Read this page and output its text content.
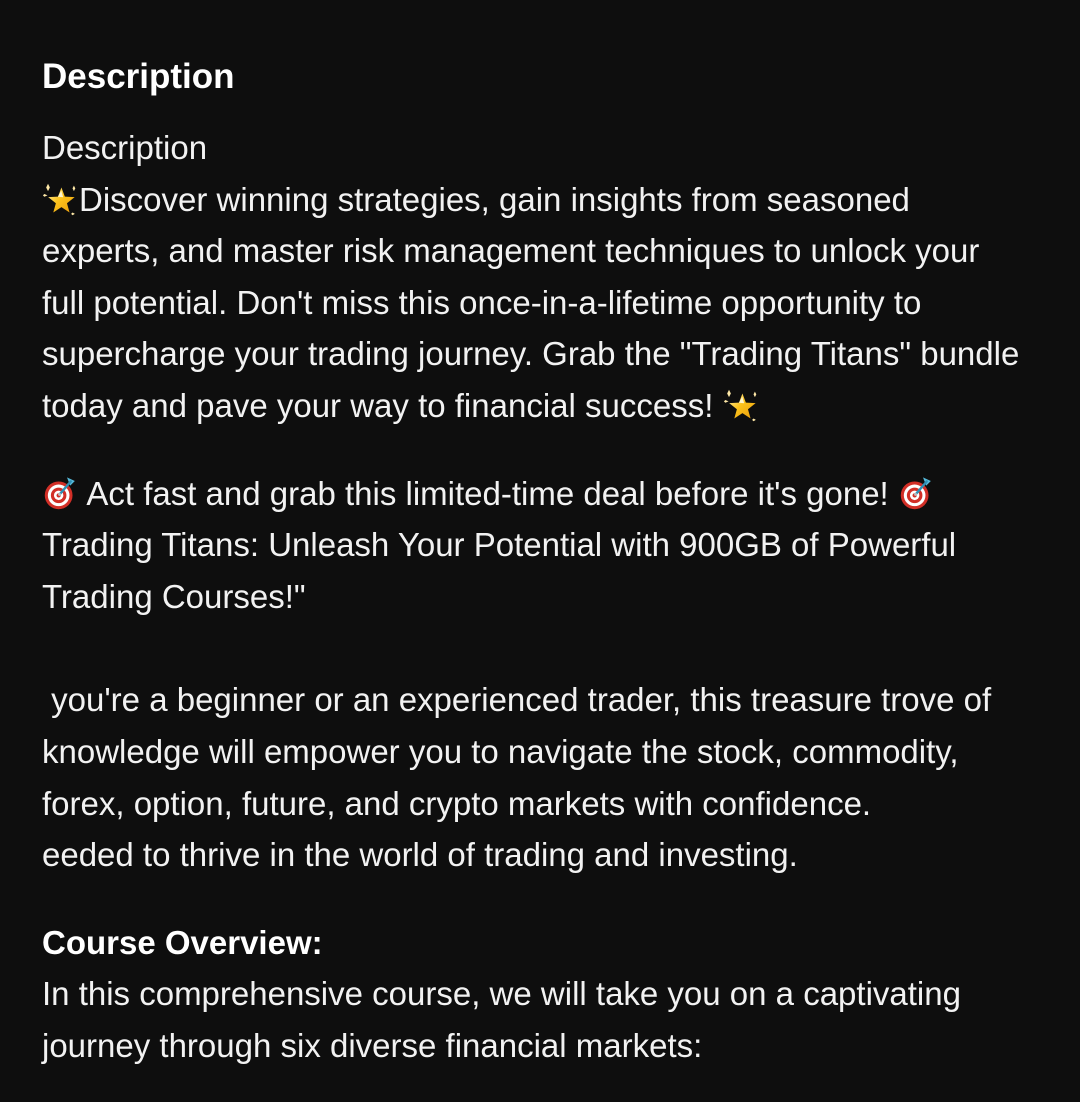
Description

Description
Discover winning strategies, gain insights from seasoned
experts, and master risk management techniques to unlock your
full potential. Don't miss this once-in-a-lifetime opportunity to
supercharge your trading journey. Grab the "Trading Titans" bundle
today and pave your way to financial success!

Act fast and grab this limited-time deal before it's gone!
Trading Titans: Unleash Your Potential with 900GB of Powerful
Trading Courses!"

you're a beginner or an experienced trader, this treasure trove of
knowledge will empower you to navigate the stock, commodity,
forex, option, future, and crypto markets with confidence.
eeded to thrive in the world of trading and investing.

Course Overview:
In this comprehensive course, we will take you on a captivating
journey through six diverse financial markets:
